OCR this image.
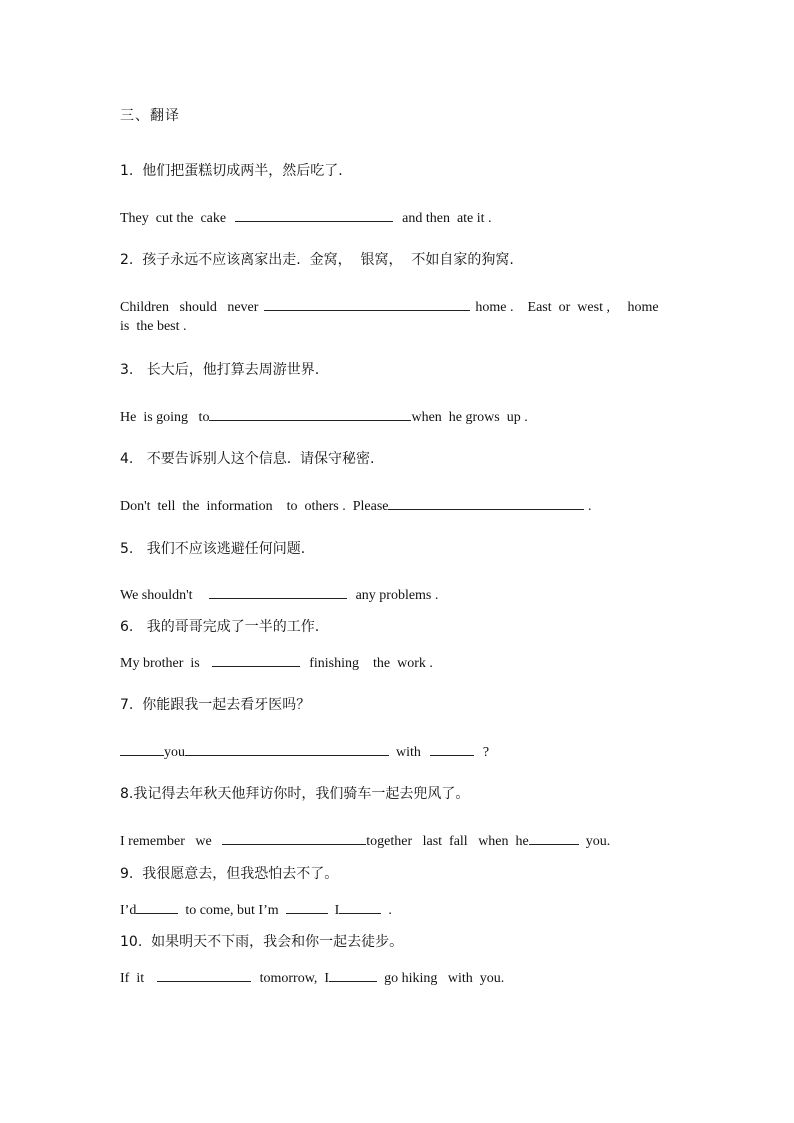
三、翻译
1.  他们把蛋糕切成两半，然后吃了.
They  cut the  cake	and then  ate it .
2.  孩子永远不应该离家出走.  金窝，  银窝，  不如自家的狗窝.
Children   should   never	home .    East  or  west ,     home
is  the best .
3.   长大后，他打算去周游世界.
He  is going   to	when  he grows  up .
4.   不要告诉别人这个信息.  请保守秘密.
Don't  tell  the  information    to  others .  Please	.
5.   我们不应该逃避任何问题.
We shouldn't	any problems .
6.   我的哥哥完成了一半的工作.
My brother  is	finishing    the  work .
7.  你能跟我一起去看牙医吗？
you	with	?
8.我记得去年秋天他拜访你时，我们骑车一起去兜风了。
I remember   we	together   last  fall   when  he	you.
9.  我很愿意去，但我恐怕去不了。
I’d	to come, but I’m	I	.
10.  如果明天不下雨，我会和你一起去徒步。
If  it	tomorrow,  I	go hiking   with  you.
